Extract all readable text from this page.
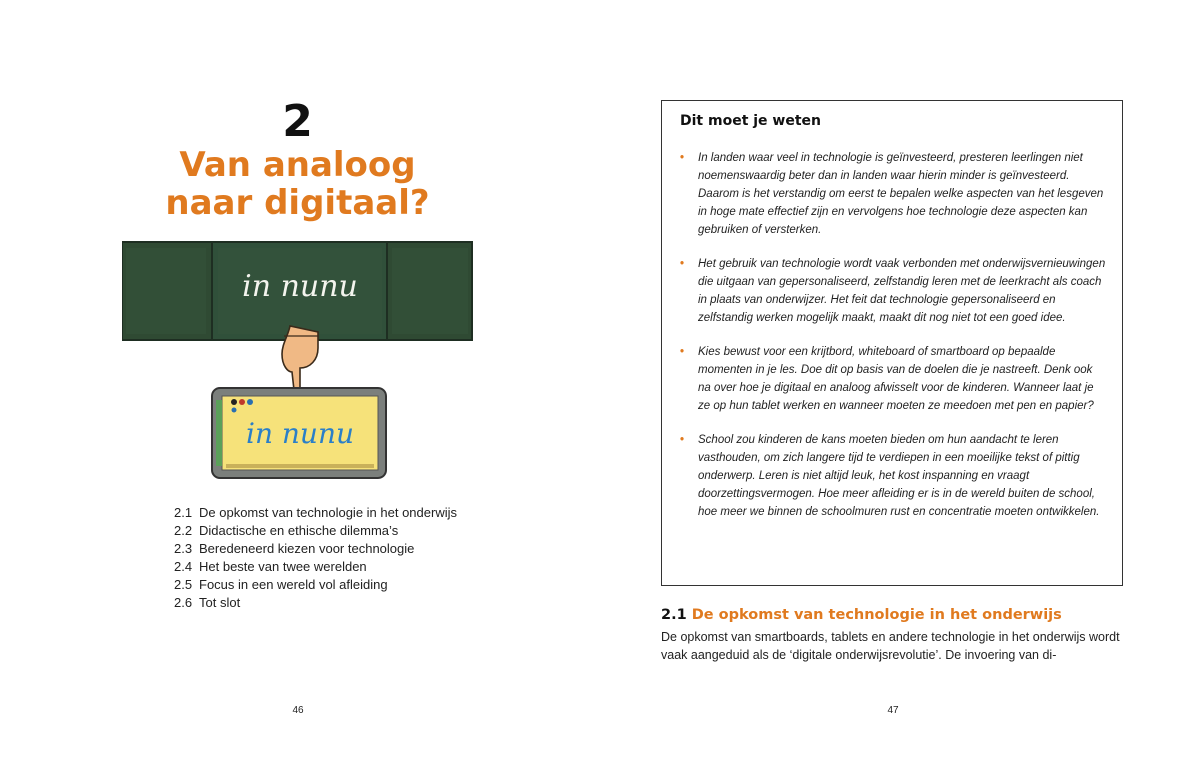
2
Van analoog
naar digitaal?
in nunu
in nunu
2.1 De opkomst van technologie in het onderwijs
2.2 Didactische en ethische dilemma’s
2.3 Beredeneerd kiezen voor technologie
2.4 Het beste van twee werelden
2.5 Focus in een wereld vol afleiding
2.6 Tot slot
46
Dit moet je weten
• In landen waar veel in technologie is geïnvesteerd, presteren leerlingen niet noemenswaardig beter dan in landen waar hierin minder is geïnvesteerd. Daarom is het verstandig om eerst te bepalen welke aspecten van het lesgeven in hoge mate effectief zijn en vervolgens hoe technologie deze aspecten kan gebruiken of versterken.
• Het gebruik van technologie wordt vaak verbonden met onderwijsvernieuwingen die uitgaan van gepersonaliseerd, zelfstandig leren met de leerkracht als coach in plaats van onderwijzer. Het feit dat technologie gepersonaliseerd en zelfstandig werken mogelijk maakt, maakt dit nog niet tot een goed idee.
• Kies bewust voor een krijtbord, whiteboard of smartboard op bepaalde momenten in je les. Doe dit op basis van de doelen die je nastreeft. Denk ook na over hoe je digitaal en analoog afwisselt voor de kinderen. Wanneer laat je ze op hun tablet werken en wanneer moeten ze meedoen met pen en papier?
• School zou kinderen de kans moeten bieden om hun aandacht te leren vasthouden, om zich langere tijd te verdiepen in een moeilijke tekst of pittig onderwerp. Leren is niet altijd leuk, het kost inspanning en vraagt doorzettingsvermogen. Hoe meer afleiding er is in de wereld buiten de school, hoe meer we binnen de schoolmuren rust en concentratie moeten ontwikkelen.
2.1 De opkomst van technologie in het onderwijs

De opkomst van smartboards, tablets en andere technologie in het onderwijs wordt vaak aangeduid als de ‘digitale onderwijsrevolutie’. De invoering van di-

47
